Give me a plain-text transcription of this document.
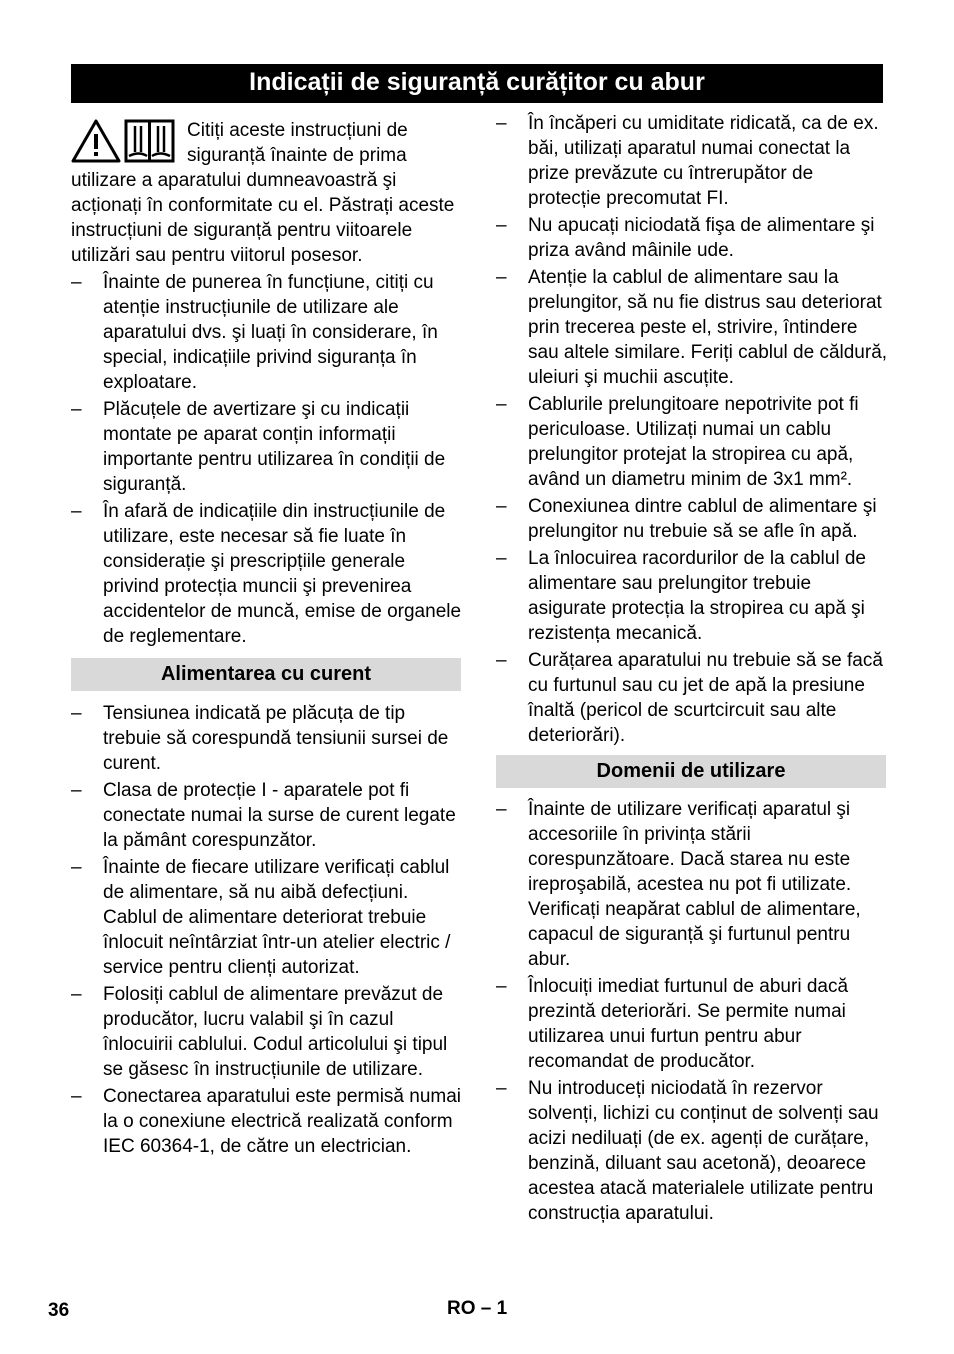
Indicații de siguranță curățitor cu abur
Citiți aceste instrucțiuni de siguranță înainte de prima utilizare a aparatului dumneavoastră şi acționați în conformitate cu el. Păstrați aceste instrucțiuni de siguranță pentru viitoarele utilizări sau pentru viitorul posesor.
– Înainte de punerea în funcțiune, citiți cu atenție instrucțiunile de utilizare ale aparatului dvs. şi luați în considerare, în special, indicațiile privind siguranța în exploatare.
– Plăcuțele de avertizare şi cu indicații montate pe aparat conțin informații importante pentru utilizarea în condiții de siguranță.
– În afară de indicațiile din instrucțiunile de utilizare, este necesar să fie luate în considerație şi prescripțiile generale privind protecția muncii şi prevenirea accidentelor de muncă, emise de organele de reglementare.
Alimentarea cu curent
– Tensiunea indicată pe plăcuța de tip trebuie să corespundă tensiunii sursei de curent.
– Clasa de protecție I - aparatele pot fi conectate numai la surse de curent legate la pământ corespunzător.
– Înainte de fiecare utilizare verificați cablul de alimentare, să nu aibă defecțiuni. Cablul de alimentare deteriorat trebuie înlocuit neîntârziat într-un atelier electric / service pentru clienți autorizat.
– Folosiți cablul de alimentare prevăzut de producător, lucru valabil şi în cazul înlocuirii cablului. Codul articolului şi tipul se găsesc în instrucțiunile de utilizare.
– Conectarea aparatului este permisă numai la o conexiune electrică realizată conform IEC 60364-1, de către un electrician.
– În încăperi cu umiditate ridicată, ca de ex. băi, utilizați aparatul numai conectat la prize prevăzute cu întrerupător de protecție precomutat FI.
– Nu apucați niciodată fişa de alimentare şi priza având mâinile ude.
– Atenție la cablul de alimentare sau la prelungitor, să nu fie distrus sau deteriorat prin trecerea peste el, strivire, întindere sau altele similare. Feriți cablul de căldură, uleiuri şi muchii ascuțite.
– Cablurile prelungitoare nepotrivite pot fi periculoase. Utilizați numai un cablu prelungitor protejat la stropirea cu apă, având un diametru minim de 3x1 mm².
– Conexiunea dintre cablul de alimentare şi prelungitor nu trebuie să se afle în apă.
– La înlocuirea racordurilor de la cablul de alimentare sau prelungitor trebuie asigurate protecția la stropirea cu apă şi rezistența mecanică.
– Curățarea aparatului nu trebuie să se facă cu furtunul sau cu jet de apă la presiune înaltă (pericol de scurtcircuit sau alte deteriorări).
Domenii de utilizare
– Înainte de utilizare verificați aparatul şi accesoriile în privința stării corespunzătoare. Dacă starea nu este ireproşabilă, acestea nu pot fi utilizate. Verificați neapărat cablul de alimentare, capacul de siguranță şi furtunul pentru abur.
– Înlocuiți imediat furtunul de aburi dacă prezintă deteriorări. Se permite numai utilizarea unui furtun pentru abur recomandat de producător.
– Nu introduceți niciodată în rezervor solvenți, lichizi cu conținut de solvenți sau acizi nediluați (de ex. agenți de curățare, benzină, diluant sau acetonă), deoarece acestea atacă materialele utilizate pentru construcția aparatului.
36	RO – 1
